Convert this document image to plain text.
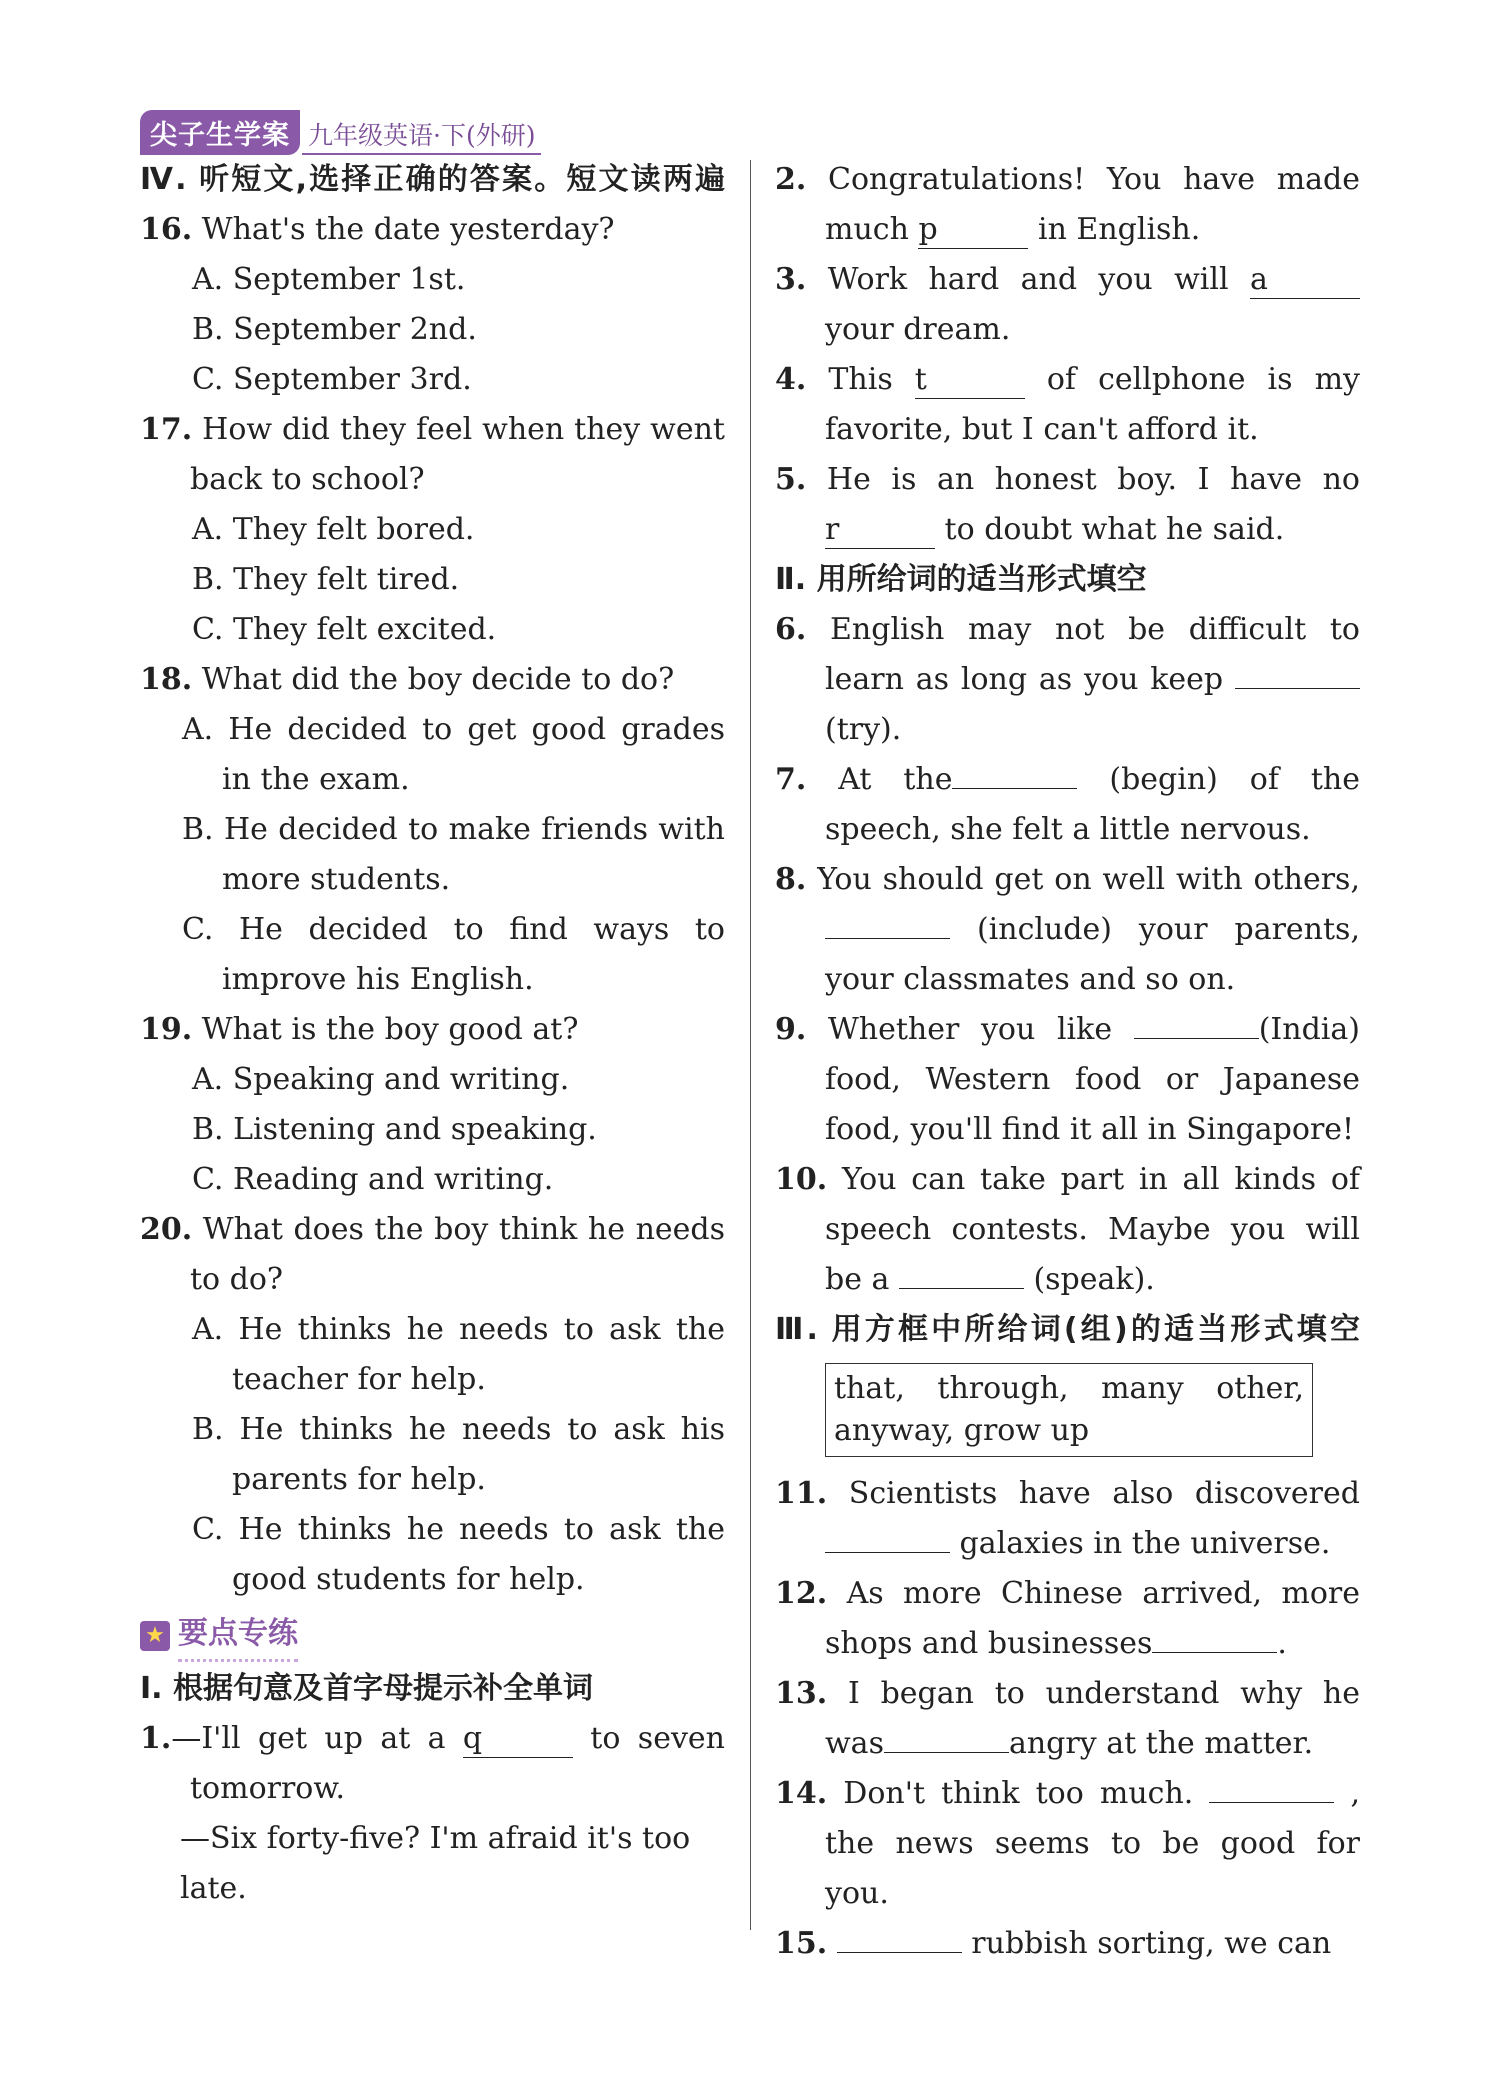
尖子生学案 九年级英语·下(外研)
Ⅳ. 听短文,选择正确的答案。短文读两遍
16. What's the date yesterday?
A. September 1st.
B. September 2nd.
C. September 3rd.
17. How did they feel when they went back to school?
A. They felt bored.
B. They felt tired.
C. They felt excited.
18. What did the boy decide to do?
A. He decided to get good grades in the exam.
B. He decided to make friends with more students.
C. He decided to find ways to improve his English.
19. What is the boy good at?
A. Speaking and writing.
B. Listening and speaking.
C. Reading and writing.
20. What does the boy think he needs to do?
A. He thinks he needs to ask the teacher for help.
B. He thinks he needs to ask his parents for help.
C. He thinks he needs to ask the good students for help.
★ 要点专练
Ⅰ. 根据句意及首字母提示补全单词
1.—I'll get up at a q	to seven tomorrow.
—Six forty-five? I'm afraid it's too late.
2. Congratulations! You have made much p	in English.
3. Work hard and you will a your dream.
4. This t	of cellphone is my favorite, but I can't afford it.
5. He is an honest boy. I have no r	to doubt what he said.
Ⅱ. 用所给词的适当形式填空
6. English may not be difficult to learn as long as you keep (try).
7. At the	(begin) of the speech, she felt a little nervous.
8. You should get on well with others,  (include) your parents, your classmates and so on.
9. Whether you like	(India) food, Western food or Japanese food, you'll find it all in Singapore!
10. You can take part in all kinds of speech contests. Maybe you will be a	(speak).
Ⅲ. 用方框中所给词(组)的适当形式填空
that, through, many other, anyway, grow up
11. Scientists have also discovered galaxies in the universe.
12. As more Chinese arrived, more shops and businesses	.
13. I began to understand why he was	angry at the matter.
14. Don't think too much.	, the news seems to be good for you.
15.	rubbish sorting, we can
